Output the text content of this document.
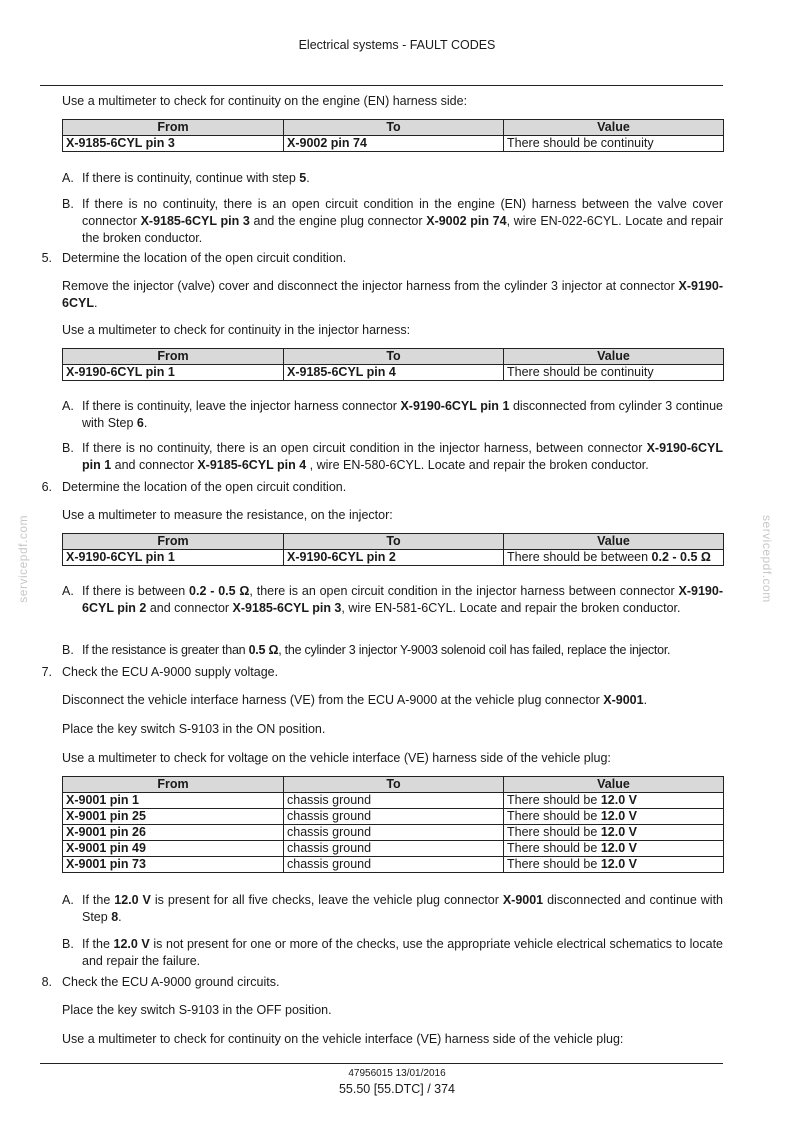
Electrical systems - FAULT CODES
servicepdf.com	servicepdf.com

Use a multimeter to check for continuity on the engine (EN) harness side:

From	To	Value
X-9185-6CYL pin 3	X-9002 pin 74	There should be continuity
A. If there is continuity, continue with step 5.

B. If there is no continuity, there is an open circuit condition in the engine (EN) harness between the valve cover connector X-9185-6CYL pin 3 and the engine plug connector X-9002 pin 74, wire EN-022-6CYL. Locate and repair the broken conductor.

5. Determine the location of the open circuit condition.

Remove the injector (valve) cover and disconnect the injector harness from the cylinder 3 injector at connector X-9190-6CYL.

Use a multimeter to check for continuity in the injector harness:

From	To	Value
X-9190-6CYL pin 1	X-9185-6CYL pin 4	There should be continuity
A. If there is continuity, leave the injector harness connector X-9190-6CYL pin 1 disconnected from cylinder 3 continue with Step 6.

B. If there is no continuity, there is an open circuit condition in the injector harness, between connector X-9190-6CYL pin 1 and connector X-9185-6CYL pin 4 , wire EN-580-6CYL. Locate and repair the broken conductor.

6. Determine the location of the open circuit condition.

Use a multimeter to measure the resistance, on the injector:

From	To	Value
X-9190-6CYL pin 1	X-9190-6CYL pin 2	There should be between 0.2 - 0.5 Ω
A. If there is between 0.2 - 0.5 Ω, there is an open circuit condition in the injector harness between connector X-9190-6CYL pin 2 and connector X-9185-6CYL pin 3, wire EN-581-6CYL. Locate and repair the broken conductor.

B. If the resistance is greater than 0.5 Ω, the cylinder 3 injector Y-9003 solenoid coil has failed, replace the injector.

7. Check the ECU A-9000 supply voltage.

Disconnect the vehicle interface harness (VE) from the ECU A-9000 at the vehicle plug connector X-9001.

Place the key switch S-9103 in the ON position.

Use a multimeter to check for voltage on the vehicle interface (VE) harness side of the vehicle plug:

From	To	Value
X-9001 pin 1	chassis ground	There should be 12.0 V
X-9001 pin 25	chassis ground	There should be 12.0 V
X-9001 pin 26	chassis ground	There should be 12.0 V
X-9001 pin 49	chassis ground	There should be 12.0 V
X-9001 pin 73	chassis ground	There should be 12.0 V
A. If the 12.0 V is present for all five checks, leave the vehicle plug connector X-9001 disconnected and continue with Step 8.

B. If the 12.0 V is not present for one or more of the checks, use the appropriate vehicle electrical schematics to locate and repair the failure.

8. Check the ECU A-9000 ground circuits.

Place the key switch S-9103 in the OFF position.

Use a multimeter to check for continuity on the vehicle interface (VE) harness side of the vehicle plug:

47956015 13/01/2016
55.50 [55.DTC] / 374
